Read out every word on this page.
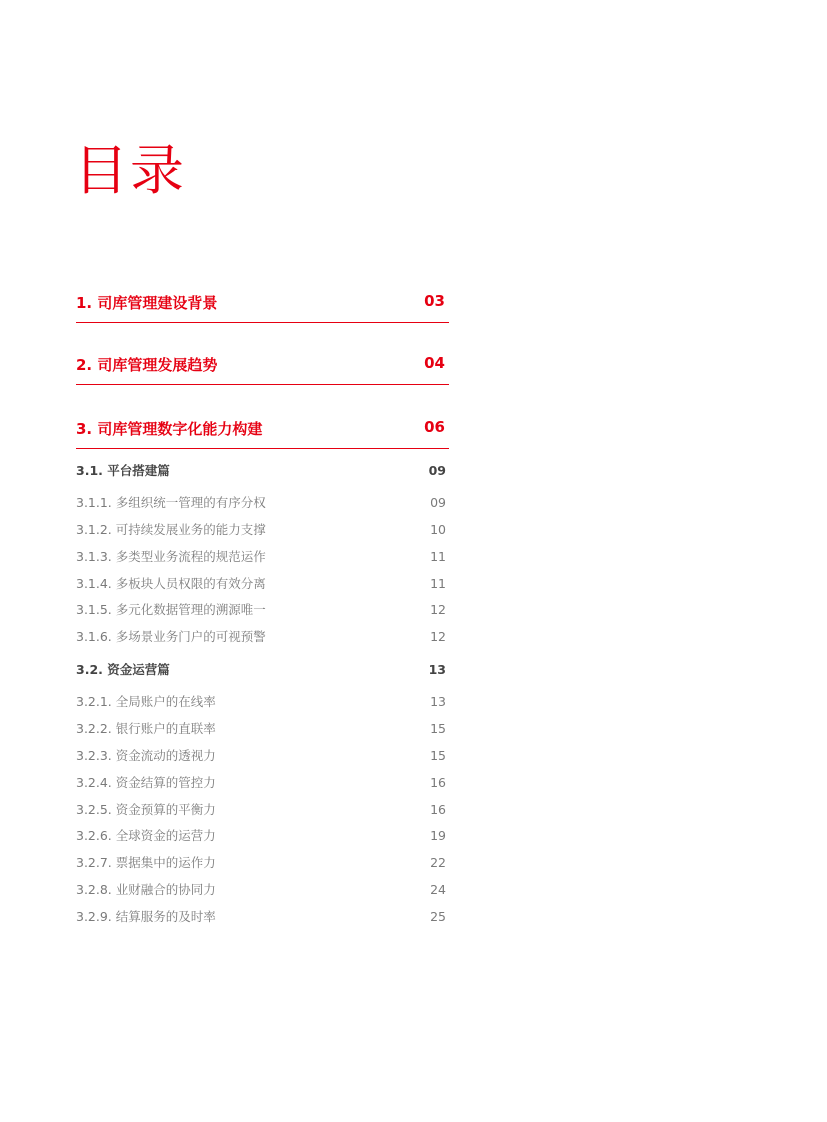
目录
1. 司库管理建设背景	03
2. 司库管理发展趋势	04
3. 司库管理数字化能力构建	06
3.1. 平台搭建篇	09
3.1.1. 多组织统一管理的有序分权	09
3.1.2. 可持续发展业务的能力支撑	10
3.1.3. 多类型业务流程的规范运作	11
3.1.4. 多板块人员权限的有效分离	11
3.1.5. 多元化数据管理的溯源唯一	12
3.1.6. 多场景业务门户的可视预警	12
3.2. 资金运营篇	13
3.2.1. 全局账户的在线率	13
3.2.2. 银行账户的直联率	15
3.2.3. 资金流动的透视力	15
3.2.4. 资金结算的管控力	16
3.2.5. 资金预算的平衡力	16
3.2.6. 全球资金的运营力	19
3.2.7. 票据集中的运作力	22
3.2.8. 业财融合的协同力	24
3.2.9. 结算服务的及时率	25
